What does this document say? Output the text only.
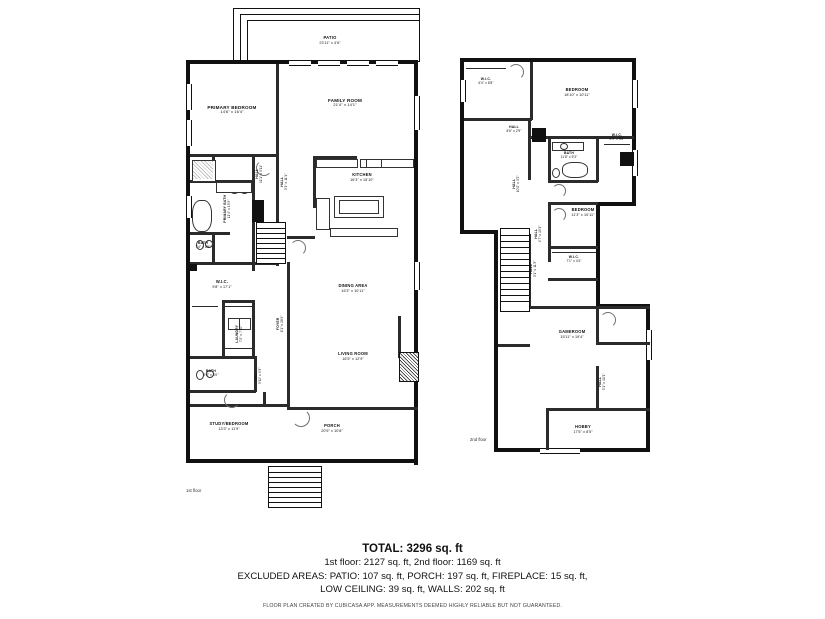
PATIO
23'11" x 4'6"
PRIMARY BEDROOM
14'6" x 16'4"
FAMILY ROOM
21'4" x 14'1"
KITCHEN
16'3" x 15'10"
HALL 11'1" x 3'11"	HALL 3'1" x 11'1"
PRIMARY BATH 11'4" x 13'9"
BATH
7'4" x 5'5"
W.I.C.
9'8" x 17'1"
LAUNDRY 7'0" x 7'10"
FOYER 6'1" x 28'4"
DINING AREA
16'3" x 10'11"
LIVING ROOM
16'5" x 12'9"
BATH
9'8" x 5'0"	HALL 3'11" x 9'3"
STUDY/BEDROOM
13'3" x 11'9"
PORCH
20'5" x 10'8"
1st floor
W.I.C.
6'4" x 8'8"
BEDROOM
18'10" x 10'11"
HALL
8'6" x 2'9"
W.I.C.
5'9" x 5'8"
BATH
11'8" x 5'3"
HALL 10'0" x 3'2"
BEDROOM
11'3" x 10'11"
HALL 4'7" x 15'1"
HALL 3'1" x 11'3"
W.I.C.
7'1" x 4'4"
GAMEROOM
15'11" x 19'4"
HALL 3'1" x 10'1"
HOBBY
17'5" x 8'5"
2nd floor
TOTAL: 3296 sq. ft
1st floor: 2127 sq. ft, 2nd floor: 1169 sq. ft
EXCLUDED AREAS: PATIO: 107 sq. ft, PORCH: 197 sq. ft, FIREPLACE: 15 sq. ft,
LOW CEILING: 39 sq. ft, WALLS: 202 sq. ft
FLOOR PLAN CREATED BY CUBICASA APP. MEASUREMENTS DEEMED HIGHLY RELIABLE BUT NOT GUARANTEED.
